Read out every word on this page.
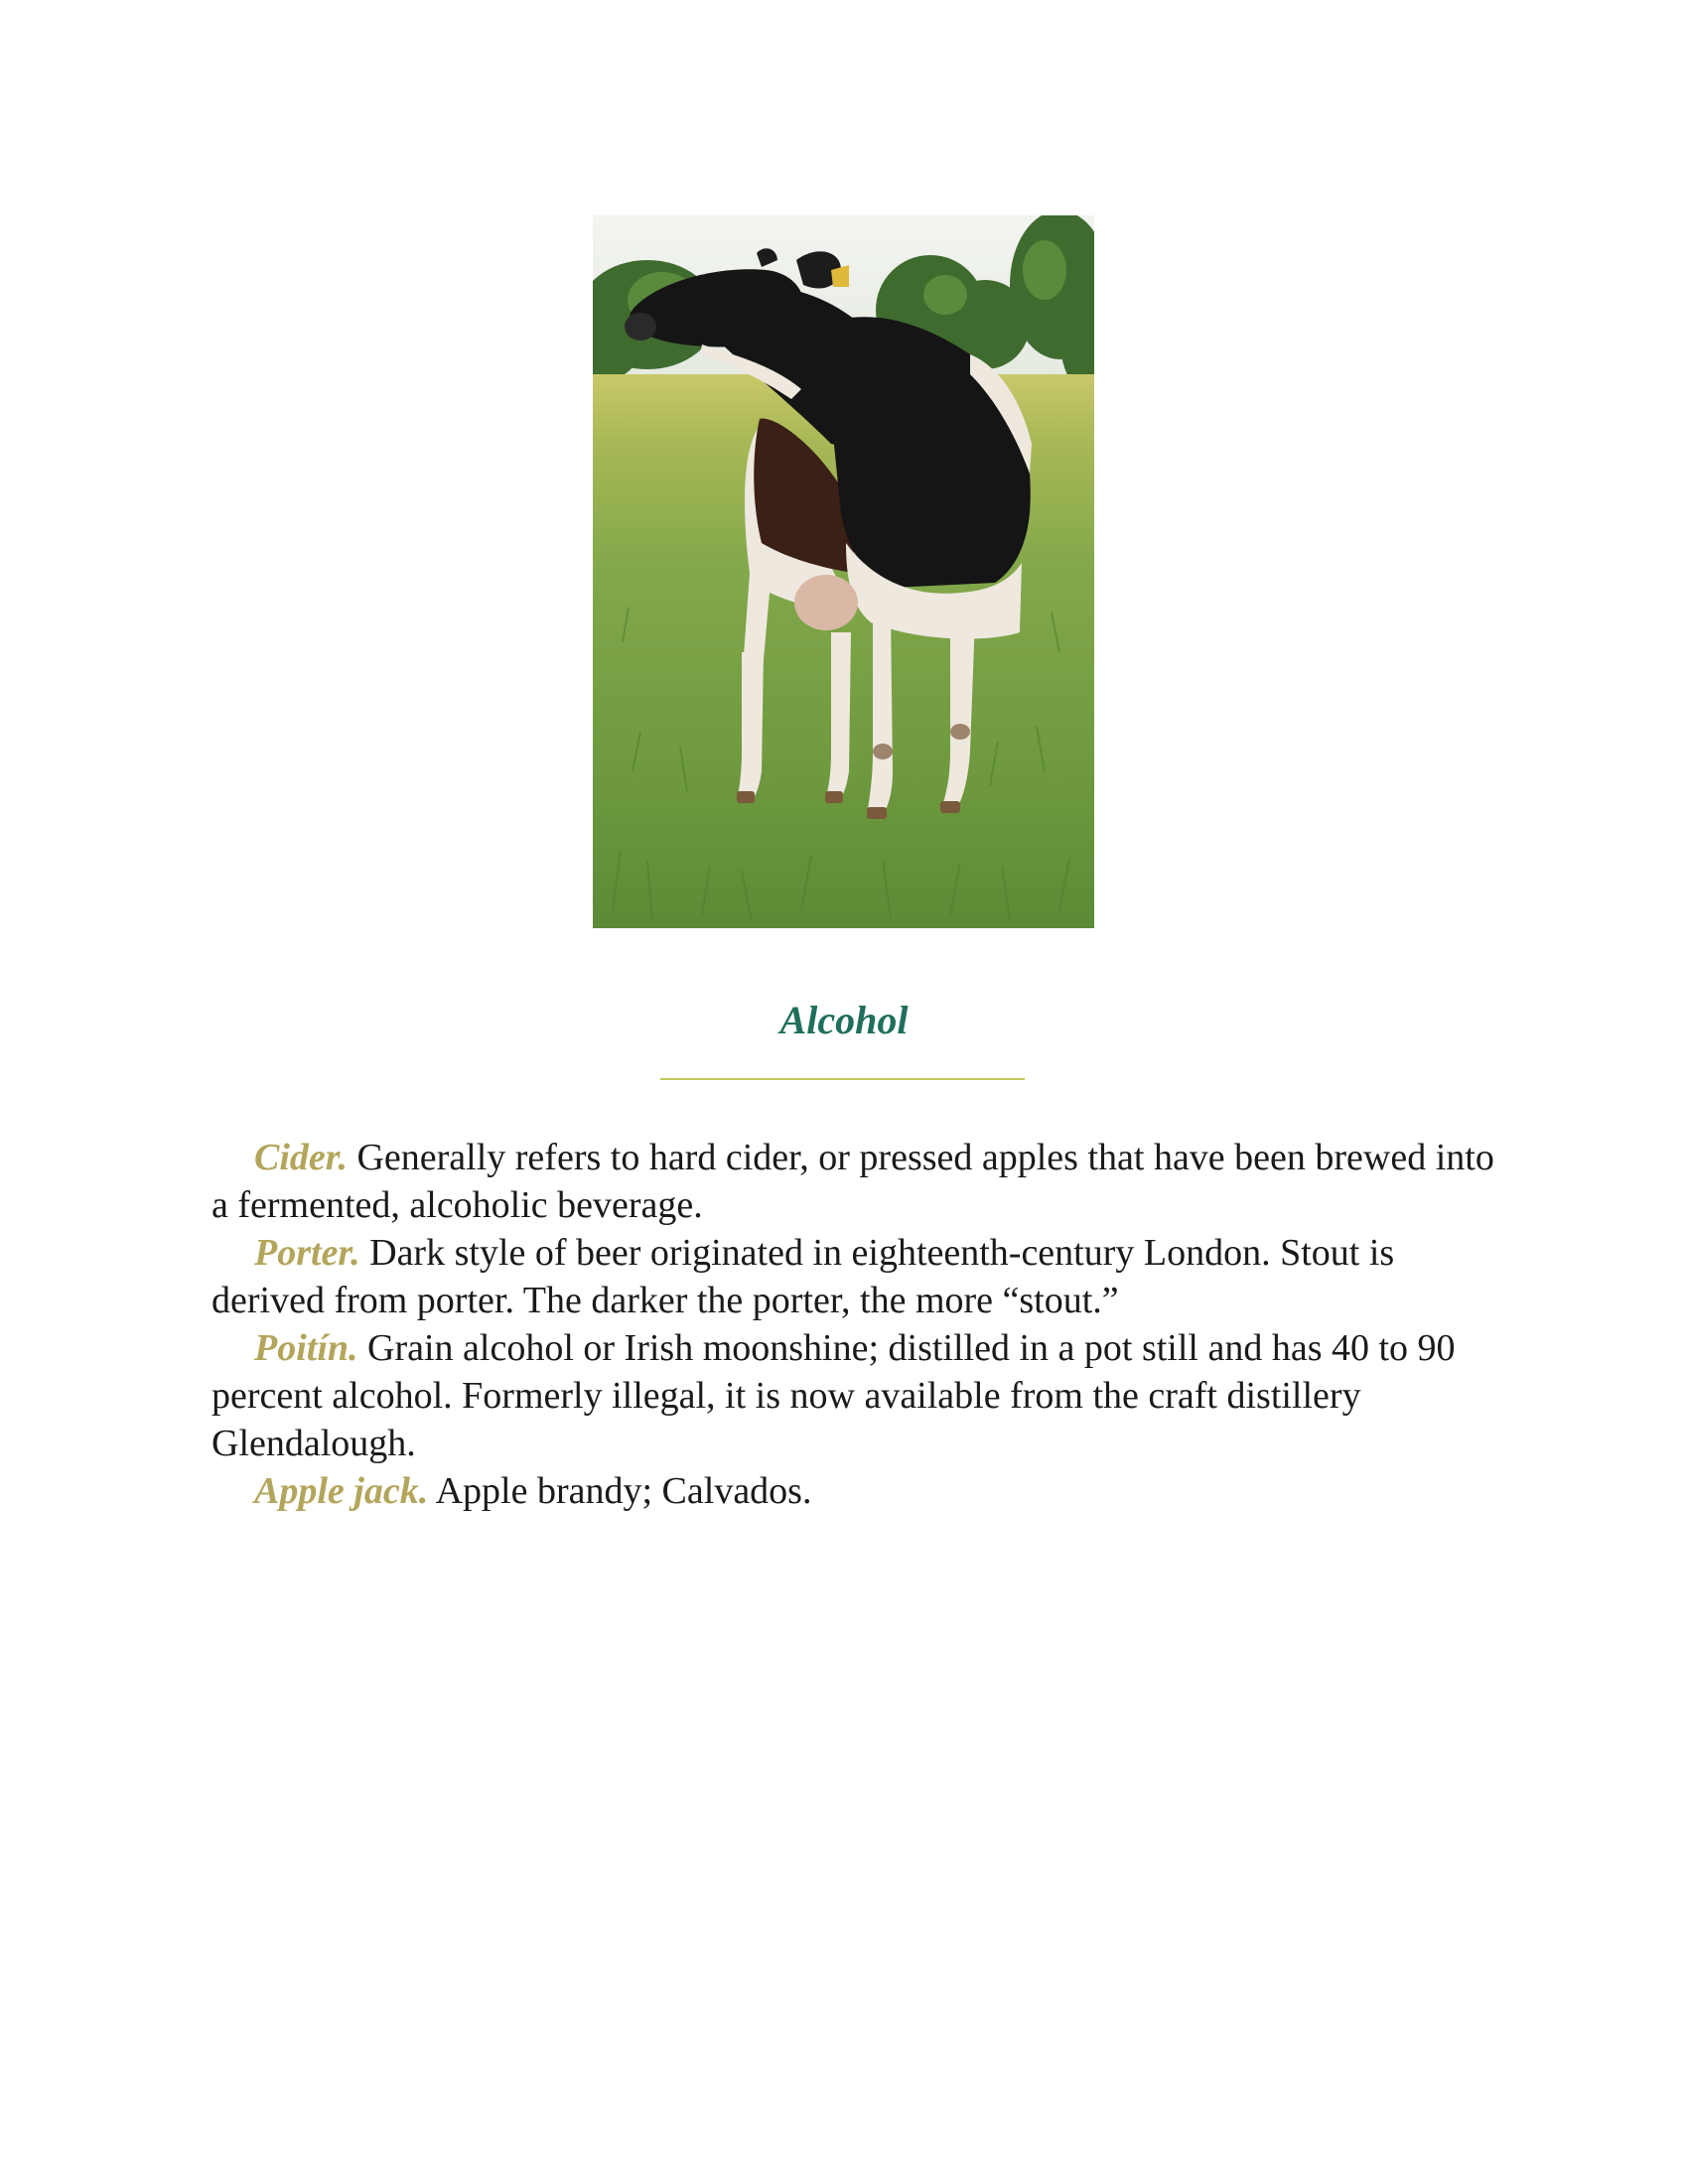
Alcohol

Cider. Generally refers to hard cider, or pressed apples that have been brewed into a fermented, alcoholic beverage.

Porter. Dark style of beer originated in eighteenth-century London. Stout is derived from porter. The darker the porter, the more “stout.”

Poitín. Grain alcohol or Irish moonshine; distilled in a pot still and has 40 to 90 percent alcohol. Formerly illegal, it is now available from the craft distillery Glendalough.

Apple jack. Apple brandy; Calvados.
